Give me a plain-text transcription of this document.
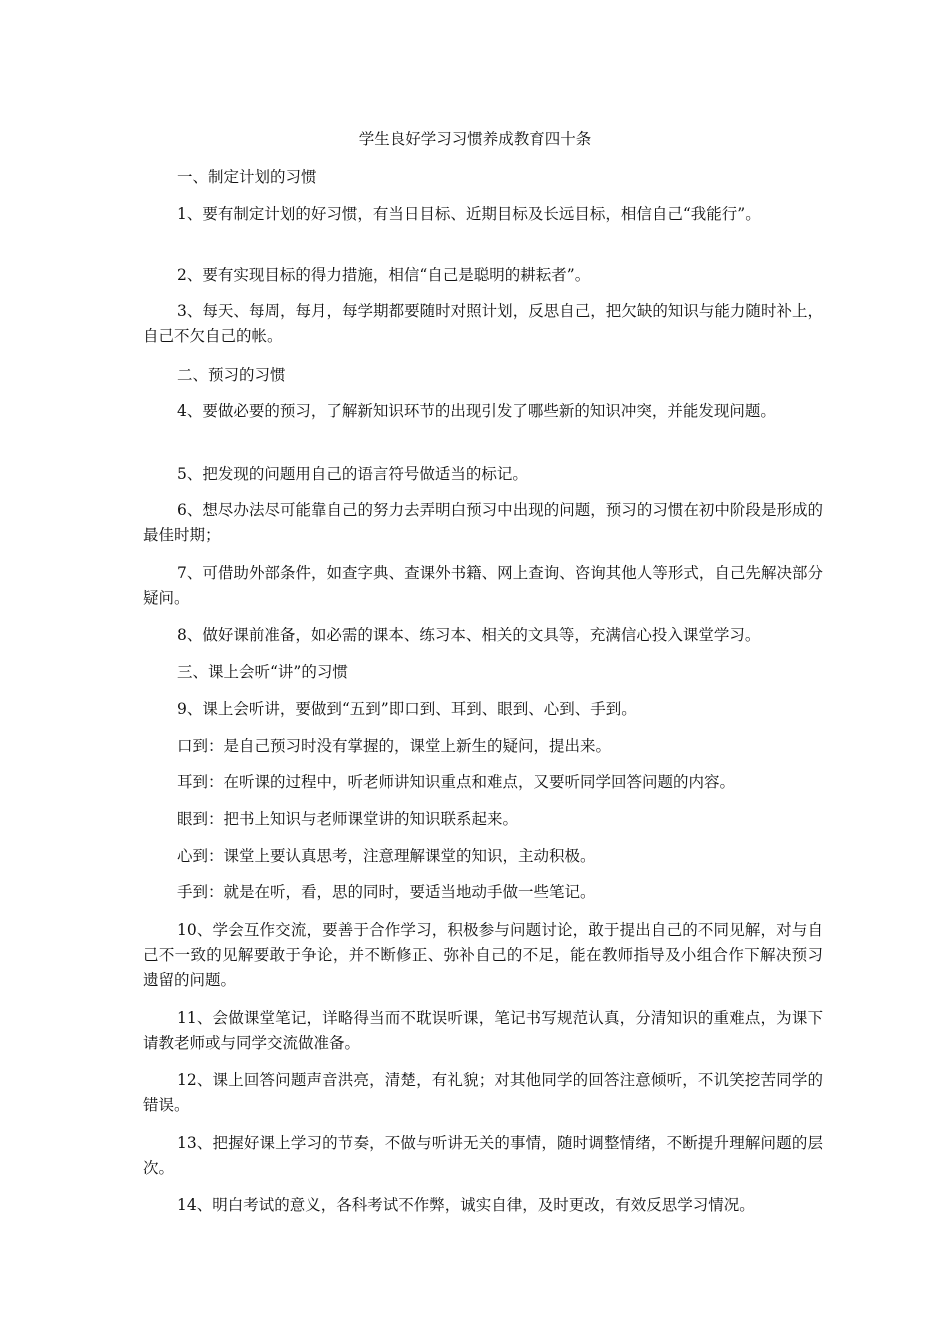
学生良好学习习惯养成教育四十条
一、制定计划的习惯
1、要有制定计划的好习惯，有当日目标、近期目标及长远目标，相信自己“我能行”。
2、要有实现目标的得力措施，相信“自己是聪明的耕耘者”。
3、每天、每周，每月，每学期都要随时对照计划，反思自己，把欠缺的知识与能力随时补上，自己不欠自己的帐。
二、预习的习惯
4、要做必要的预习，了解新知识环节的出现引发了哪些新的知识冲突，并能发现问题。
5、把发现的问题用自己的语言符号做适当的标记。
6、想尽办法尽可能靠自己的努力去弄明白预习中出现的问题，预习的习惯在初中阶段是形成的最佳时期；
7、可借助外部条件，如查字典、查课外书籍、网上查询、咨询其他人等形式，自己先解决部分疑问。
8、做好课前准备，如必需的课本、练习本、相关的文具等，充满信心投入课堂学习。
三、课上会听“讲”的习惯
9、课上会听讲，要做到“五到”即口到、耳到、眼到、心到、手到。
口到：是自己预习时没有掌握的，课堂上新生的疑问，提出来。
耳到：在听课的过程中，听老师讲知识重点和难点，又要听同学回答问题的内容。
眼到：把书上知识与老师课堂讲的知识联系起来。
心到：课堂上要认真思考，注意理解课堂的知识，主动积极。
手到：就是在听，看，思的同时，要适当地动手做一些笔记。
10、学会互作交流，要善于合作学习，积极参与问题讨论，敢于提出自己的不同见解，对与自己不一致的见解要敢于争论，并不断修正、弥补自己的不足，能在教师指导及小组合作下解决预习遗留的问题。
11、会做课堂笔记，详略得当而不耽误听课，笔记书写规范认真，分清知识的重难点，为课下请教老师或与同学交流做准备。
12、课上回答问题声音洪亮，清楚，有礼貌；对其他同学的回答注意倾听，不讥笑挖苦同学的错误。
13、把握好课上学习的节奏，不做与听讲无关的事情，随时调整情绪，不断提升理解问题的层次。
14、明白考试的意义，各科考试不作弊，诚实自律，及时更改，有效反思学习情况。
